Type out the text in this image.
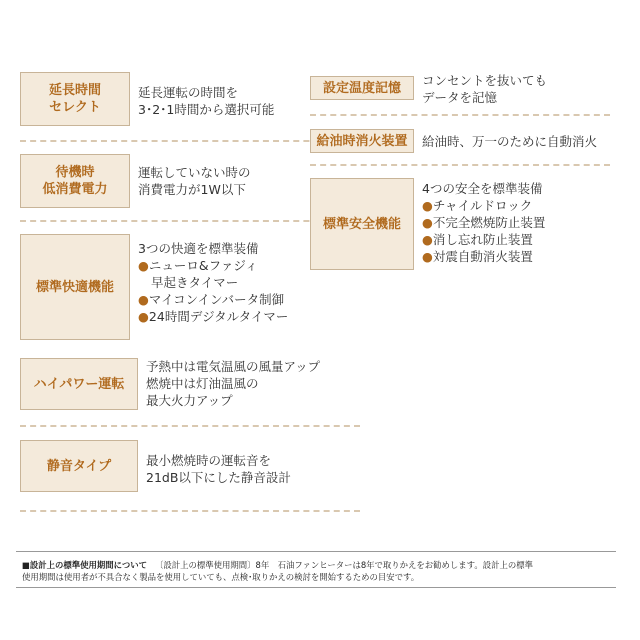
延長時間
セレクト
延長運転の時間を
3･2･1時間から選択可能
待機時
低消費電力
運転していない時の
消費電力が1W以下
標準快適機能
3つの快適を標準装備
●ニューロ&ファジィ
早起きタイマー
●マイコンインバータ制御
●24時間デジタルタイマー
ハイパワー運転
予熱中は電気温風の風量アップ
燃焼中は灯油温風の
最大火力アップ
静音タイプ	最小燃焼時の運転音を
21dB以下にした静音設計
設定温度記憶 コンセントを抜いても
データを記憶
給油時消火装置 給油時、万一のために自動消火
標準安全機能
4つの安全を標準装備
●チャイルドロック
●不完全燃焼防止装置
●消し忘れ防止装置
●対震自動消火装置
■設計上の標準使用期間について 〔設計上の標準使用期間〕8年　石油ファンヒーターは8年で取りかえをお勧めします。設計上の標準
使用期間は使用者が不具合なく製品を使用していても、点検･取りかえの検討を開始するための目安です。
